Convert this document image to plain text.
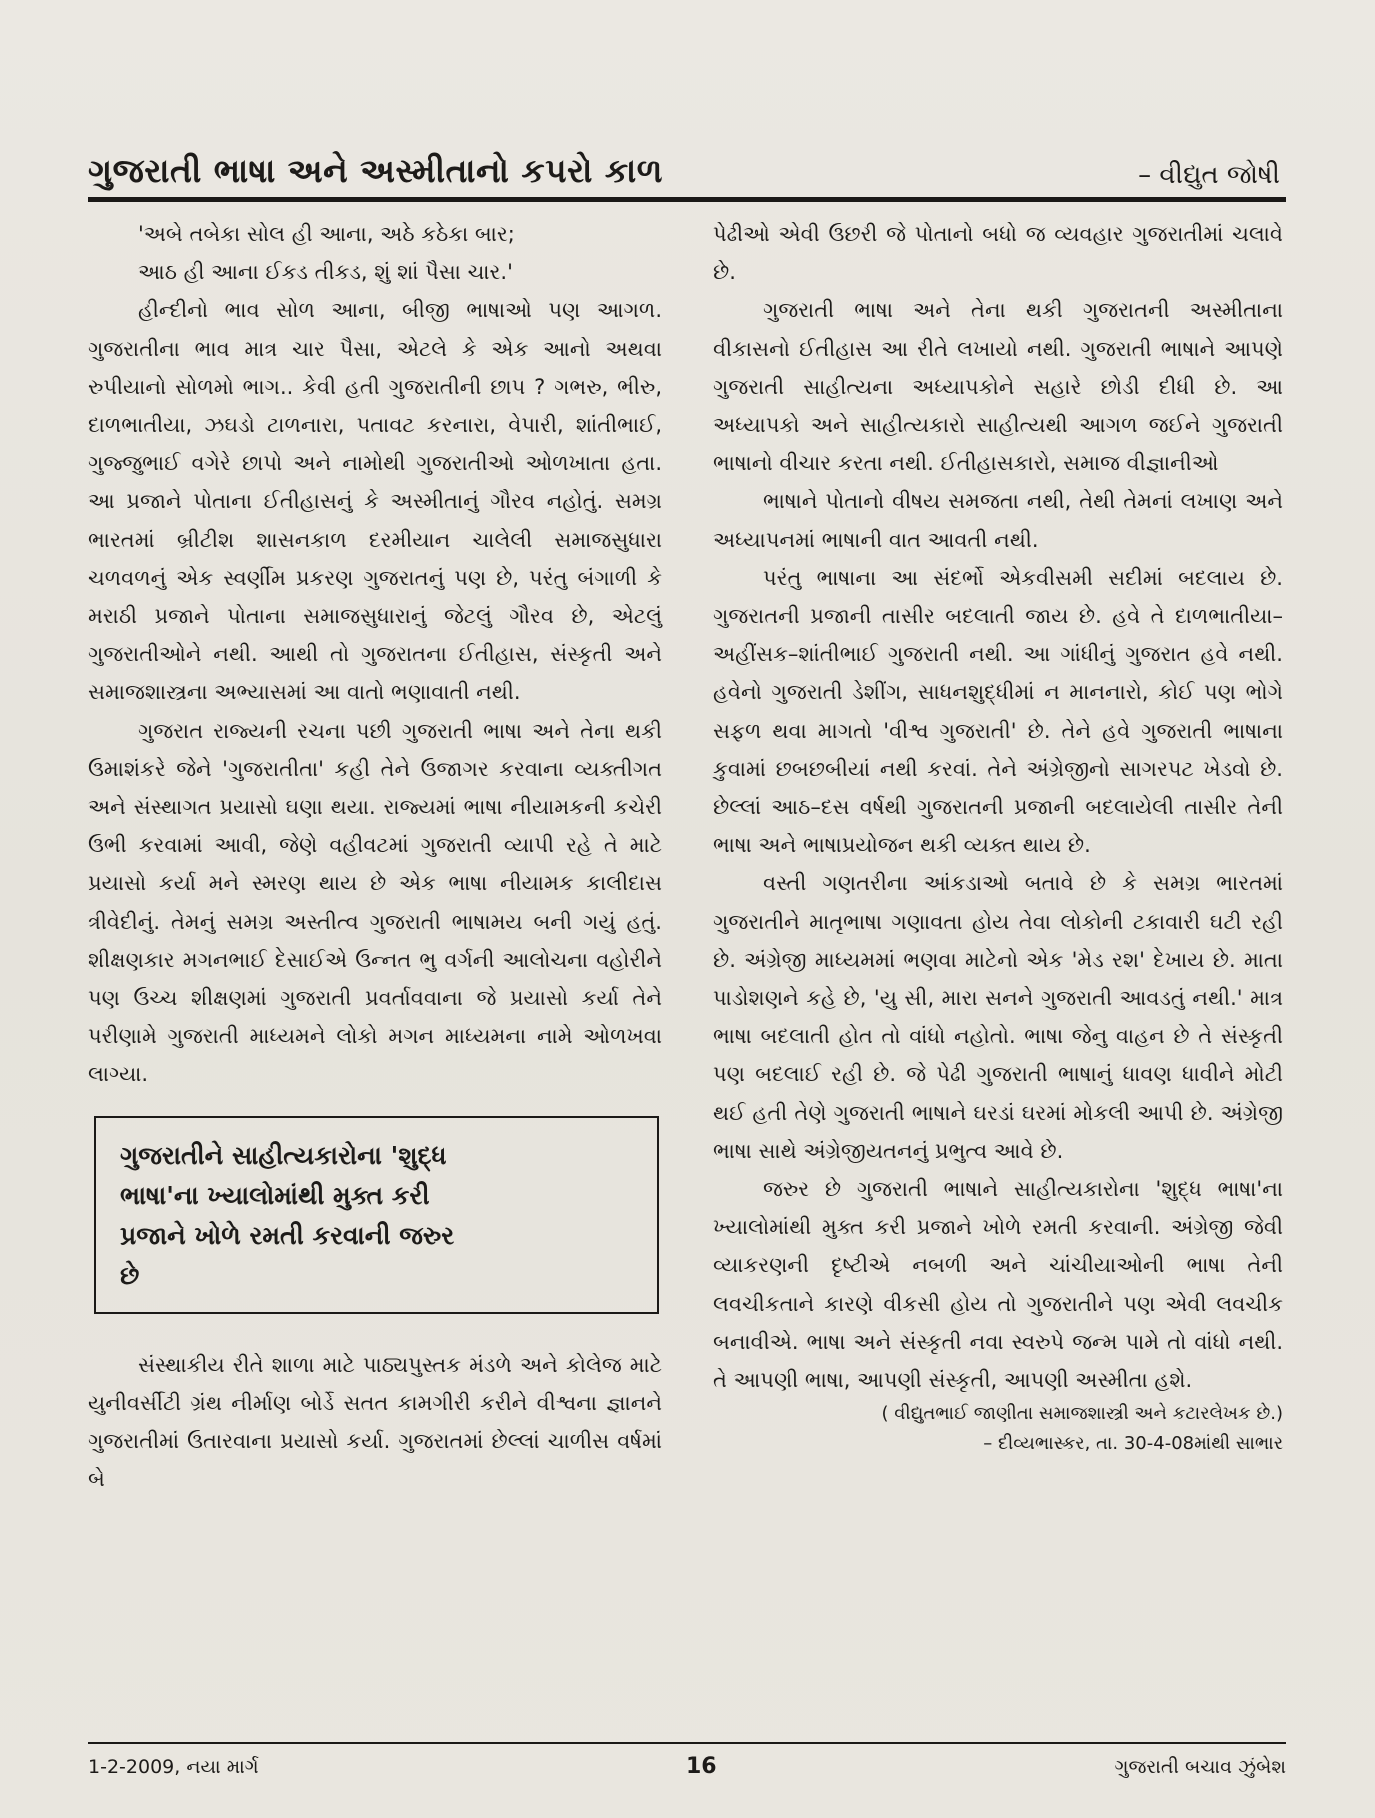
ગુજરાતી ભાષા અને અસ્મીતાનો કપરો કાળ	– વીદ્યુત જોષી

'અબે તબેકા સોલ હી આના, અઠે કઠેકા બાર;

આઠ હી આના ઈકડ તીકડ, શું શાં પૈસા ચાર.'

હીન્દીનો ભાવ સોળ આના, બીજી ભાષાઓ પણ આગળ. ગુજરાતીના ભાવ માત્ર ચાર પૈસા, એટલે કે એક આનો અથવા રુપીયાનો સોળમો ભાગ.. કેવી હતી ગુજરાતીની છાપ ? ગભરુ, ભીરુ, દાળભાતીયા, ઝઘડો ટાળનારા, પતાવટ કરનારા, વેપારી, શાંતીભાઈ, ગુજ્જુભાઈ વગેરે છાપો અને નામોથી ગુજરાતીઓ ઓળખાતા હતા. આ પ્રજાને પોતાના ઈતીહાસનું કે અસ્મીતાનું ગૌરવ નહોતું. સમગ્ર ભારતમાં બ્રીટીશ શાસનકાળ દરમીયાન ચાલેલી સમાજસુધારા ચળવળનું એક સ્વર્ણીમ પ્રકરણ ગુજરાતનું પણ છે, પરંતુ બંગાળી કે મરાઠી પ્રજાને પોતાના સમાજસુધારાનું જેટલું ગૌરવ છે, એટલું ગુજરાતીઓને નથી. આથી તો ગુજરાતના ઈતીહાસ, સંસ્કૃતી અને સમાજશાસ્ત્રના અભ્યાસમાં આ વાતો ભણાવાતી નથી.

ગુજરાત રાજ્યની રચના પછી ગુજરાતી ભાષા અને તેના થકી ઉમાશંકરે જેને 'ગુજરાતીતા' કહી તેને ઉજાગર કરવાના વ્યક્તીગત અને સંસ્થાગત પ્રયાસો ઘણા થયા. રાજ્યમાં ભાષા નીયામકની કચેરી ઉભી કરવામાં આવી, જેણે વહીવટમાં ગુજરાતી વ્યાપી રહે તે માટે પ્રયાસો કર્યા મને સ્મરણ થાય છે એક ભાષા નીયામક કાલીદાસ ત્રીવેદીનું. તેમનું સમગ્ર અસ્તીત્વ ગુજરાતી ભાષામય બની ગયું હતું. શીક્ષણકાર મગનભાઈ દેસાઈએ ઉન્નત ભુ વર્ગની આલોચના વહોરીને પણ ઉચ્ચ શીક્ષણમાં ગુજરાતી પ્રવર્તાવવાના જે પ્રયાસો કર્યા તેને પરીણામે ગુજરાતી માધ્યમને લોકો મગન માધ્યમના નામે ઓળખવા લાગ્યા.

ગુજરાતીને સાહીત્યકારોના 'શુદ્ધ ભાષા'ના ખ્યાલોમાંથી મુક્ત કરી પ્રજાને ખોળે રમતી કરવાની જરુર છે

સંસ્થાકીય રીતે શાળા માટે પાઠ્યપુસ્તક મંડળે અને કોલેજ માટે યુનીવર્સીટી ગ્રંથ નીર્માણ બોર્ડે સતત કામગીરી કરીને વીશ્વના જ્ઞાનને ગુજરાતીમાં ઉતારવાના પ્રયાસો કર્યા. ગુજરાતમાં છેલ્લાં ચાળીસ વર્ષમાં બે

પેઢીઓ એવી ઉછરી જે પોતાનો બધો જ વ્યવહાર ગુજરાતીમાં ચલાવે છે.

ગુજરાતી ભાષા અને તેના થકી ગુજરાતની અસ્મીતાના વીકાસનો ઈતીહાસ આ રીતે લખાયો નથી. ગુજરાતી ભાષાને આપણે ગુજરાતી સાહીત્યના અધ્યાપકોને સહારે છોડી દીધી છે. આ અધ્યાપકો અને સાહીત્યકારો સાહીત્યથી આગળ જઈને ગુજરાતી ભાષાનો વીચાર કરતા નથી. ઈતીહાસકારો, સમાજ વીજ્ઞાનીઓ

ભાષાને પોતાનો વીષય સમજતા નથી, તેથી તેમનાં લખાણ અને અધ્યાપનમાં ભાષાની વાત આવતી નથી.

પરંતુ ભાષાના આ સંદર્ભો એકવીસમી સદીમાં બદલાય છે. ગુજરાતની પ્રજાની તાસીર બદલાતી જાય છે. હવે તે દાળભાતીયા–અહીંસક–શાંતીભાઈ ગુજરાતી નથી. આ ગાંધીનું ગુજરાત હવે નથી. હવેનો ગુજરાતી ડેશીંગ, સાધનશુદ્ધીમાં ન માનનારો, કોઈ પણ ભોગે સફળ થવા માગતો 'વીશ્વ ગુજરાતી' છે. તેને હવે ગુજરાતી ભાષાના કુવામાં છબછબીયાં નથી કરવાં. તેને અંગ્રેજીનો સાગરપટ ખેડવો છે. છેલ્લાં આઠ–દસ વર્ષથી ગુજરાતની પ્રજાની બદલાયેલી તાસીર તેની ભાષા અને ભાષાપ્રયોજન થકી વ્યક્ત થાય છે.

વસ્તી ગણતરીના આંકડાઓ બતાવે છે કે સમગ્ર ભારતમાં ગુજરાતીને માતૃભાષા ગણાવતા હોય તેવા લોકોની ટકાવારી ઘટી રહી છે. અંગ્રેજી માધ્યમમાં ભણવા માટેનો એક 'મેડ રશ' દેખાય છે. માતા પાડોશણને કહે છે, 'યુ સી, મારા સનને ગુજરાતી આવડતું નથી.' માત્ર ભાષા બદલાતી હોત તો વાંધો નહોતો. ભાષા જેનુ વાહન છે તે સંસ્કૃતી પણ બદલાઈ રહી છે. જે પેઢી ગુજરાતી ભાષાનું ધાવણ ધાવીને મોટી થઈ હતી તેણે ગુજરાતી ભાષાને ઘરડાં ઘરમાં મોકલી આપી છે. અંગ્રેજી ભાષા સાથે અંગ્રેજીયતનનું પ્રભુત્વ આવે છે.

જરુર છે ગુજરાતી ભાષાને સાહીત્યકારોના 'શુદ્ધ ભાષા'ના ખ્યાલોમાંથી મુક્ત કરી પ્રજાને ખોળે રમતી કરવાની. અંગ્રેજી જેવી વ્યાકરણની દૃષ્ટીએ નબળી અને ચાંચીયાઓની ભાષા તેની લવચીકતાને કારણે વીકસી હોય તો ગુજરાતીને પણ એવી લવચીક બનાવીએ. ભાષા અને સંસ્કૃતી નવા સ્વરુપે જન્મ પામે તો વાંધો નથી. તે આપણી ભાષા, આપણી સંસ્કૃતી, આપણી અસ્મીતા હશે.

( વીદ્યુતભાઈ જાણીતા સમાજશાસ્ત્રી અને કટારલેખક છે.)

– દીવ્યભાસ્કર, તા. 30-4-08માંથી સાભાર

1-2-2009, નયા માર્ગ	16	ગુજરાતી બચાવ ઝુંબેશ
